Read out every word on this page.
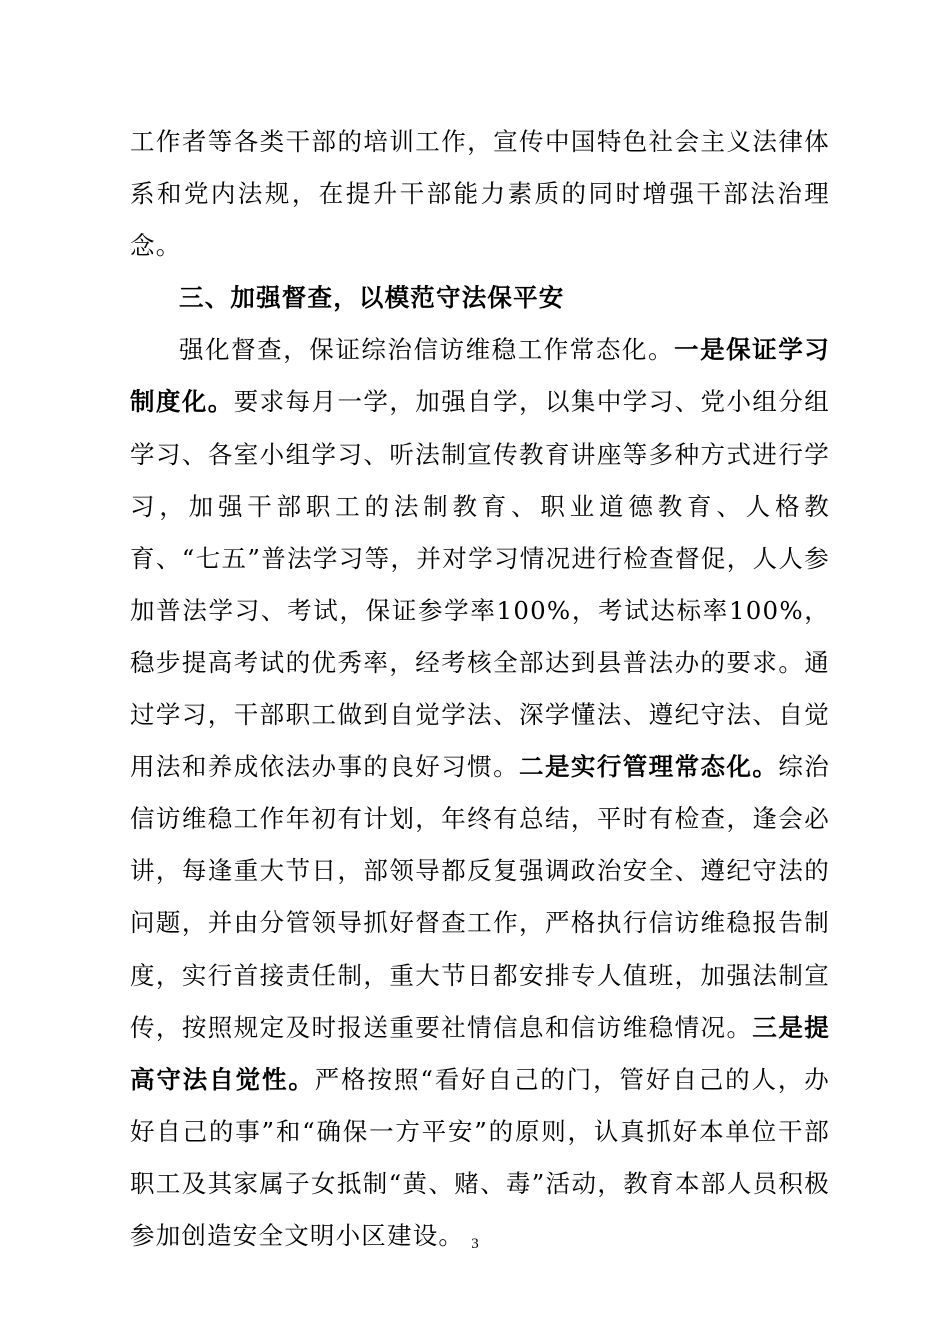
工作者等各类干部的培训工作，宣传中国特色社会主义法律体系和党内法规，在提升干部能力素质的同时增强干部法治理念。

三、加强督查，以模范守法保平安

强化督查，保证综治信访维稳工作常态化。一是保证学习制度化。要求每月一学，加强自学，以集中学习、党小组分组学习、各室小组学习、听法制宣传教育讲座等多种方式进行学习，加强干部职工的法制教育、职业道德教育、人格教育、“七五”普法学习等，并对学习情况进行检查督促，人人参加普法学习、考试，保证参学率100%，考试达标率100%，稳步提高考试的优秀率，经考核全部达到县普法办的要求。通过学习，干部职工做到自觉学法、深学懂法、遵纪守法、自觉用法和养成依法办事的良好习惯。二是实行管理常态化。综治信访维稳工作年初有计划，年终有总结，平时有检查，逢会必讲，每逢重大节日，部领导都反复强调政治安全、遵纪守法的问题，并由分管领导抓好督查工作，严格执行信访维稳报告制度，实行首接责任制，重大节日都安排专人值班，加强法制宣传，按照规定及时报送重要社情信息和信访维稳情况。三是提高守法自觉性。严格按照“看好自己的门，管好自己的人，办好自己的事”和“确保一方平安”的原则，认真抓好本单位干部职工及其家属子女抵制“黄、赌、毒”活动，教育本部人员积极参加创造安全文明小区建设。 3
